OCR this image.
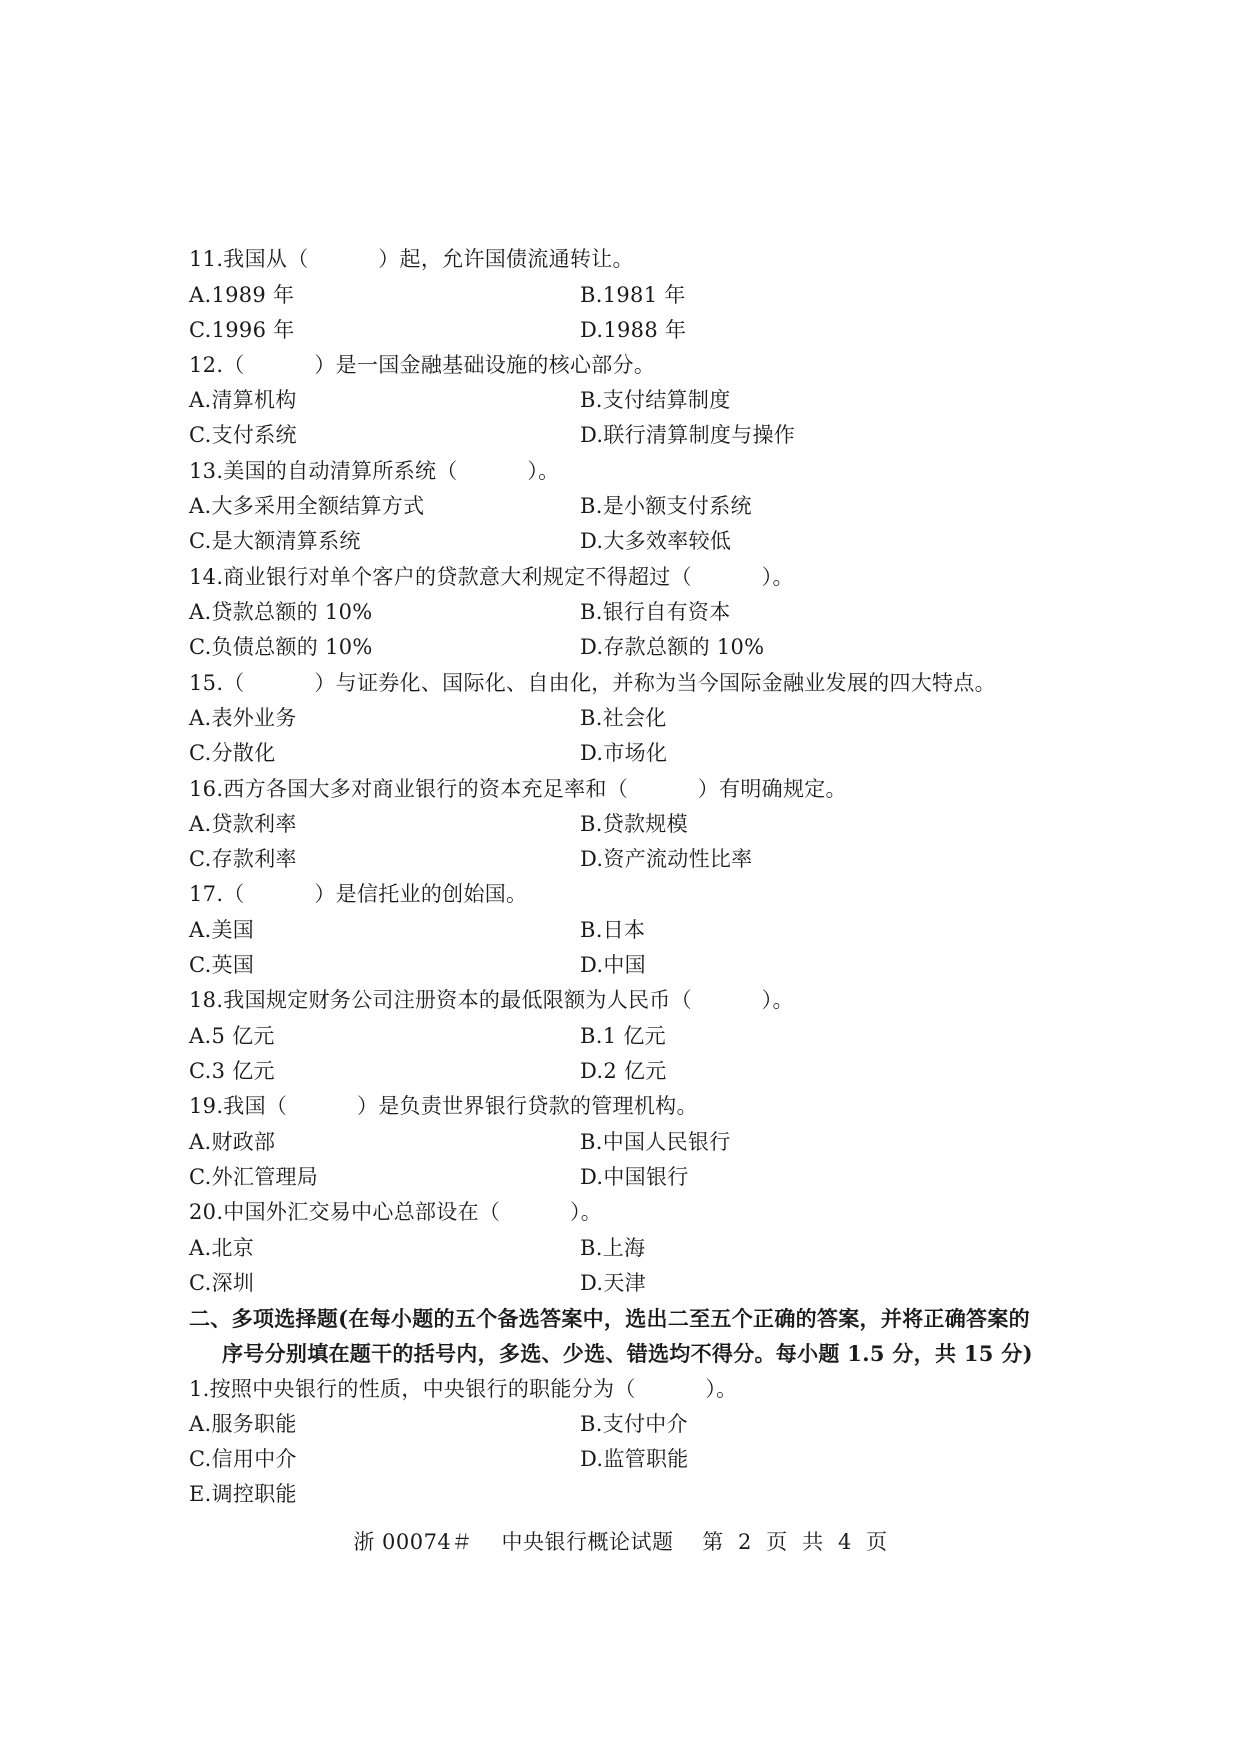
11.我国从（          ）起，允许国债流通转让。
A.1989 年	B.1981 年
C.1996 年	D.1988 年
12.（          ）是一国金融基础设施的核心部分。
A.清算机构	B.支付结算制度
C.支付系统	D.联行清算制度与操作
13.美国的自动清算所系统（          ）。
A.大多采用全额结算方式	B.是小额支付系统
C.是大额清算系统	D.大多效率较低
14.商业银行对单个客户的贷款意大利规定不得超过（          ）。
A.贷款总额的 10%	B.银行自有资本
C.负债总额的 10%	D.存款总额的 10%
15.（          ）与证券化、国际化、自由化，并称为当今国际金融业发展的四大特点。
A.表外业务	B.社会化
C.分散化	D.市场化
16.西方各国大多对商业银行的资本充足率和（          ）有明确规定。
A.贷款利率	B.贷款规模
C.存款利率	D.资产流动性比率
17.（          ）是信托业的创始国。
A.美国	B.日本
C.英国	D.中国
18.我国规定财务公司注册资本的最低限额为人民币（          ）。
A.5 亿元	B.1 亿元
C.3 亿元	D.2 亿元
19.我国（          ）是负责世界银行贷款的管理机构。
A.财政部	B.中国人民银行
C.外汇管理局	D.中国银行
20.中国外汇交易中心总部设在（          ）。
A.北京	B.上海
C.深圳	D.天津
二、多项选择题(在每小题的五个备选答案中，选出二至五个正确的答案，并将正确答案的
序号分别填在题干的括号内，多选、少选、错选均不得分。每小题 1.5 分，共 15 分)
1.按照中央银行的性质，中央银行的职能分为（          ）。
A.服务职能	B.支付中介
C.信用中介	D.监管职能
E.调控职能
浙 00074＃    中央银行概论试题    第  2  页  共  4  页
